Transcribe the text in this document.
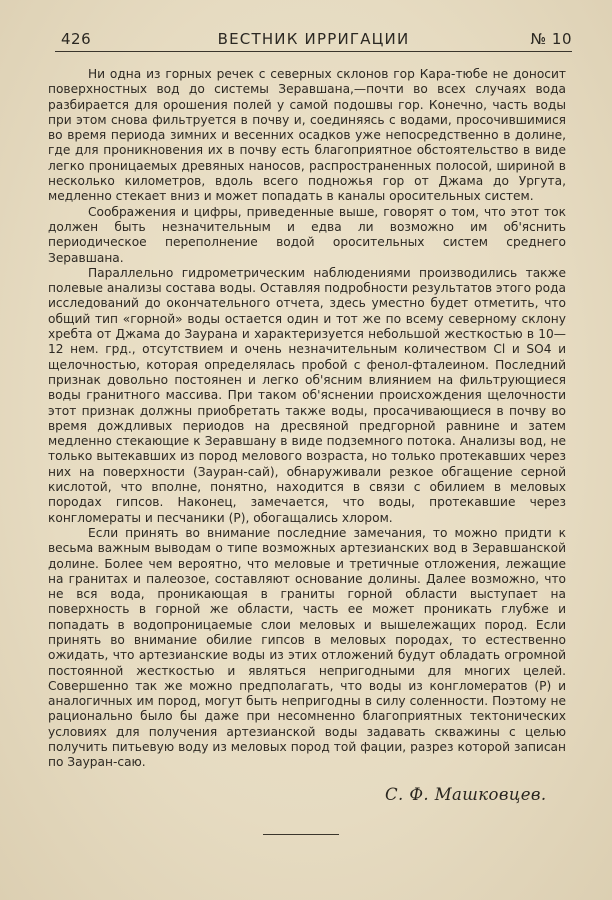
426	ВЕСТНИК ИРРИГАЦИИ	№ 10

Ни одна из горных речек с северных склонов гор Кара-тюбе не доносит поверхностных вод до системы Зеравшана,—почти во всех случаях вода разбирается для орошения полей у самой подошвы гор. Конечно, часть воды при этом снова фильтруется в почву и, соединяясь с водами, просочившимися во время периода зимних и весенних осадков уже непосредственно в долине, где для проникновения их в почву есть благоприятное обстоятельство в виде легко проницаемых древяных наносов, распространенных полосой, шириной в несколько километров, вдоль всего подножья гор от Джама до Ургута, медленно стекает вниз и может попадать в каналы оросительных систем.

Соображения и цифры, приведенные выше, говорят о том, что этот ток должен быть незначительным и едва ли возможно им об'яснить периодическое переполнение водой оросительных систем среднего Зеравшана.

Параллельно гидрометрическим наблюдениями производились также полевые анализы состава воды. Оставляя подробности результатов этого рода исследований до окончательного отчета, здесь уместно будет отметить, что общий тип «горной» воды остается один и тот же по всему северному склону хребта от Джама до Заурана и характеризуется небольшой жесткостью в 10—12 нем. грд., отсутствием и очень незначительным количеством Cl и SO4 и щелочностью, которая определялась пробой с фенол-фталеином. Последний признак довольно постоянен и легко об'ясним влиянием на фильтрующиеся воды гранитного массива. При таком об'яснении происхождения щелочности этот признак должны приобретать также воды, просачивающиеся в почву во время дождливых периодов на дресвяной предгорной равнине и затем медленно стекающие к Зеравшану в виде подземного потока. Анализы вод, не только вытекавших из пород мелового возраста, но только протекавших через них на поверхности (Зауран-сай), обнаруживали резкое обгащение серной кислотой, что вполне, понятно, находится в связи с обилием в меловых породах гипсов. Наконец, замечается, что воды, протекавшие через конгломераты и песчаники (Р), обогащались хлором.

Если принять во внимание последние замечания, то можно придти к весьма важным выводам о типе возможных артезианских вод в Зеравшанской долине. Более чем вероятно, что меловые и третичные отложения, лежащие на гранитах и палеозое, составляют основание долины. Далее возможно, что не вся вода, проникающая в граниты горной области выступает на поверхность в горной же области, часть ее может проникать глубже и попадать в водопроницаемые слои меловых и вышележащих пород. Если принять во внимание обилие гипсов в меловых породах, то естественно ожидать, что артезианские воды из этих отложений будут обладать огромной постоянной жесткостью и являться непригодными для многих целей. Совершенно так же можно предполагать, что воды из конгломератов (Р) и аналогичных им пород, могут быть непригодны в силу соленности. Поэтому не рационально было бы даже при несомненно благоприятных тектонических условиях для получения артезианской воды задавать скважины с целью получить питьевую воду из меловых пород той фации, разрез которой записан по Зауран-саю.

С. Ф. Машковцев.
